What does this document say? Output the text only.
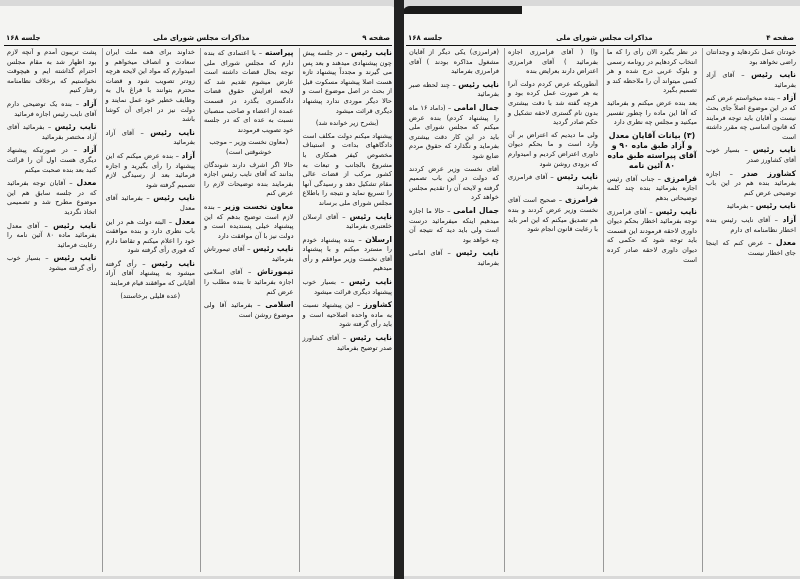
صفحه ۹
مذاکرات مجلس شورای ملی
جلسه ۱۶۸
نایب رئیس – در جلسه پیش چون پیشنهادی میدهند و بعد پس می گیرند و مجدداً پیشنهاد تازه هست اصلا پیشنهاد مسکوت قبل از بحث در اصل موضوع است و حالا دیگر موردی ندارد پیشنهاد دیگری قرائت میشود
(بشرح زیر خوانده شد)
پیشنهاد میکنم دولت مکلف است دادگاههای بداءت و استیناف مخصوص کیفر همکاری با مشروع بالجانب و تبعات به کشور مرکب از قضات عالی مقام تشکیل دهد و رسیدگی آنها را تسریع نماید و نتیجه را باطلاع مجلس شورای ملی برساند
نایب رئیس – آقای ارسلان خلعتبری بفرمائید
ارسلان – بنده پیشنهاد خودم را مسترد میکنم و با پیشنهاد آقای نخست وزیر موافقم و رأی میدهیم
نایب رئیس – بسیار خوب پیشنهاد دیگری قرائت میشود
کشاورز – این پیشنهاد نسبت به ماده واحده اصلاحیه است و باید رأی گرفته شود
نایب رئیس – آقای کشاورز صدر توضیح بفرمائید
پیراسته – با اعتمادی که بنده دارم که مجلس شورای ملی توجه بحال قضات داشته است عارض میشوم تقدیم شد که لایحه افزایش حقوق قضات دادگستری بگذرد در قسمت عمده از اعضاء و صاحب منصبان نسبت به عده ای که در جلسه خود تصویب فرمودند
(معاون نخست وزیر – موجب خوشوقتی است)
حالا اگر اشرف دارند شوندگان بدانند که آقای نایب رئیس اجازه بفرمایند بنده توضیحات لازم را عرض کنم
معاون نخست وزیر – بنده لازم است توضیح بدهم که این پیشنهاد خیلی پسندیده است و دولت نیز با آن موافقت دارد
نایب رئیس – آقای تیمورتاش بفرمائید
تیمورتاش – آقای اسلامی اجازه بفرمائید تا بنده مطلب را عرض کنم
اسلامی – بفرمائید آقا ولی موضوع روشن است
خداوند برای همه ملت ایران سعادت و انصاف میخواهم و امیدوارم که مواد این لایحه هرچه زودتر تصویب شود و قضات محترم بتوانند با فراغ بال به وظایف خطیر خود عمل نمایند و دولت نیز در اجرای آن کوشا باشد
نایب رئیس – آقای آزاد بفرمائید
آزاد – بنده عرض میکنم که این پیشنهاد را رأی بگیرید و اجازه فرمائید بعد از رسیدگی لازم تصمیم گرفته شود
نایب رئیس – بفرمائید آقای معدل
معدل – البته دولت هم در این باب نظری دارد و بنده موافقت خود را اعلام میکنم و تقاضا دارم که فوری رأی گرفته شود
نایب رئیس – رأی گرفته میشود به پیشنهاد آقای آزاد آقایانی که موافقند قیام فرمایند
(عده قلیلی برخاستند)
پشت تریبون آمدم و آنچه لازم بود اظهار شد به مقام مجلس احترام گذاشته ایم و هیچوقت نخواستیم که برخلاف نظامنامه رفتار کنیم
آزاد – بنده یک توضیحی دارم آقای نایب رئیس اجازه فرمائید
نایب رئیس – بفرمائید آقای آزاد مختصر بفرمائید
آزاد – در صورتیکه پیشنهاد دیگری هست اول آن را قرائت کنید بعد بنده صحبت میکنم
معدل – آقایان توجه بفرمائید که در جلسه سابق هم این موضوع مطرح شد و تصمیمی اتخاذ نگردید
نایب رئیس – آقای معدل بفرمائید ماده ۸۰ آئین نامه را رعایت فرمائید
نایب رئیس – بسیار خوب رأی گرفته میشود
صفحه ۴
مذاکرات مجلس شورای ملی
جلسه ۱۶۸
خودتان عمل نکردهاید و وجدانتان راضی نخواهد بود
نایب رئیس – آقای آزاد بفرمائید
آزاد – بنده میخواستم عرض کنم که در این موضوع اصلاً جای بحث نیست و آقایان باید توجه فرمایند که قانون اساسی چه مقرر داشته است
نایب رئیس – بسیار خوب آقای کشاورز صدر
کشاورز صدر – اجازه بفرمائید بنده هم در این باب توضیحی عرض کنم
نایب رئیس – بفرمائید
آزاد – آقای نایب رئیس بنده اخطار نظامنامه ای دارم
معدل – عرض کنم که اینجا جای اخطار نیست
در نظر بگیرد الان رأی را که ما انتخاب کردهایم در رونامه رسمی و بلوک عربی درج شده و هر کسی میتواند آن را ملاحظه کند و تصمیم بگیرد
بعد بنده عرض میکنم و بفرمائید که آقا این ماده را چطور تفسیر میکنید و مجلس چه نظری دارد
(۳) بیانات آقایان معدل و آزاد طبق ماده ۹۰ و آقای پیراسته طبق ماده ۸۰ آئین نامه
فرامرزی – جناب آقای رئیس اجازه بفرمائید بنده چند کلمه توضیحاتی بدهم
نایب رئیس – آقای فرامرزی توجه بفرمائید اخطار بحکم دیوان داوری لاحقه فرمودند این قسمت باید توجه شود که حکمی که دیوان داوری لاحقه صادر کرده است
وا) ( آقای فرامرزی اجازه بفرمائید ) آقای فرامرزی اعتراض دارند بعرایض بنده
آنطوریکه عرض کردم دولت آنرا به هر صورت عمل کرده بود و هرچه گفته شد با دقت بیشتری بدون نام گستری لاحقه تشکیل و حکم صادر گردید
ولی ما دیدیم که اعتراض بر آن وارد است و ما بحکم دیوان داوری اعتراض کردیم و امیدوارم که بزودی روشن شود
نایب رئیس – آقای فرامرزی بفرمائید
فرامرزی – صحیح است آقای نخست وزیر عرض کردند و بنده هم تصدیق میکنم که این امر باید با رعایت قانون انجام شود
(فرامرزی) یکی دیگر از آقایان مشغول مذاکره بودند ) آقای فرامرزی بفرمائید
نایب رئیس – چند لحظه صبر بفرمائید
جمال امامی – (داماد ۱۶ ماه را پیشنهاد کردم) بنده عرض میکنم که مجلس شورای ملی باید در این کار دقت بیشتری بفرماید و نگذارد که حقوق مردم ضایع شود
آقای نخست وزیر عرض کردند که دولت در این باب تصمیم گرفته و لایحه آن را تقدیم مجلس خواهد کرد
جمال امامی – حالا ما اجازه میدهیم اینکه میفرمائید درست است ولی باید دید که نتیجه آن چه خواهد بود
نایب رئیس – آقای امامی بفرمائید
